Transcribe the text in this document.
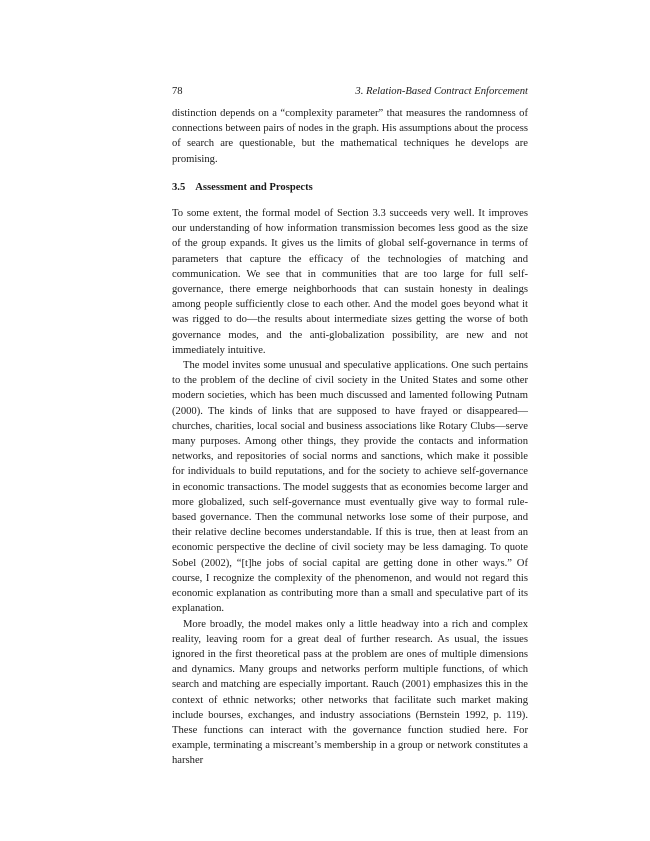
78	3. Relation-Based Contract Enforcement

distinction depends on a “complexity parameter” that measures the randomness of connections between pairs of nodes in the graph. His assumptions about the process of search are questionable, but the mathematical techniques he develops are promising.

3.5 Assessment and Prospects

To some extent, the formal model of Section 3.3 succeeds very well. It improves our understanding of how information transmission becomes less good as the size of the group expands. It gives us the limits of global self-governance in terms of parameters that capture the efficacy of the technologies of matching and communication. We see that in communities that are too large for full self-governance, there emerge neighborhoods that can sustain honesty in dealings among people sufficiently close to each other. And the model goes beyond what it was rigged to do—the results about intermediate sizes getting the worse of both governance modes, and the anti-globalization possibility, are new and not immediately intuitive.

The model invites some unusual and speculative applications. One such pertains to the problem of the decline of civil society in the United States and some other modern societies, which has been much discussed and lamented following Putnam (2000). The kinds of links that are supposed to have frayed or disappeared—churches, charities, local social and business associations like Rotary Clubs—serve many purposes. Among other things, they provide the contacts and information networks, and repositories of social norms and sanctions, which make it possible for individuals to build reputations, and for the society to achieve self-governance in economic transactions. The model suggests that as economies become larger and more globalized, such self-governance must eventually give way to formal rule-based governance. Then the communal networks lose some of their purpose, and their relative decline becomes understandable. If this is true, then at least from an economic perspective the decline of civil society may be less damaging. To quote Sobel (2002), “[t]he jobs of social capital are getting done in other ways.” Of course, I recognize the complexity of the phenomenon, and would not regard this economic explanation as contributing more than a small and speculative part of its explanation.

More broadly, the model makes only a little headway into a rich and complex reality, leaving room for a great deal of further research. As usual, the issues ignored in the first theoretical pass at the problem are ones of multiple dimensions and dynamics. Many groups and networks perform multiple functions, of which search and matching are especially important. Rauch (2001) emphasizes this in the context of ethnic networks; other networks that facilitate such market making include bourses, exchanges, and industry associations (Bernstein 1992, p. 119). These functions can interact with the governance function studied here. For example, terminating a miscreant’s membership in a group or network constitutes a harsher
